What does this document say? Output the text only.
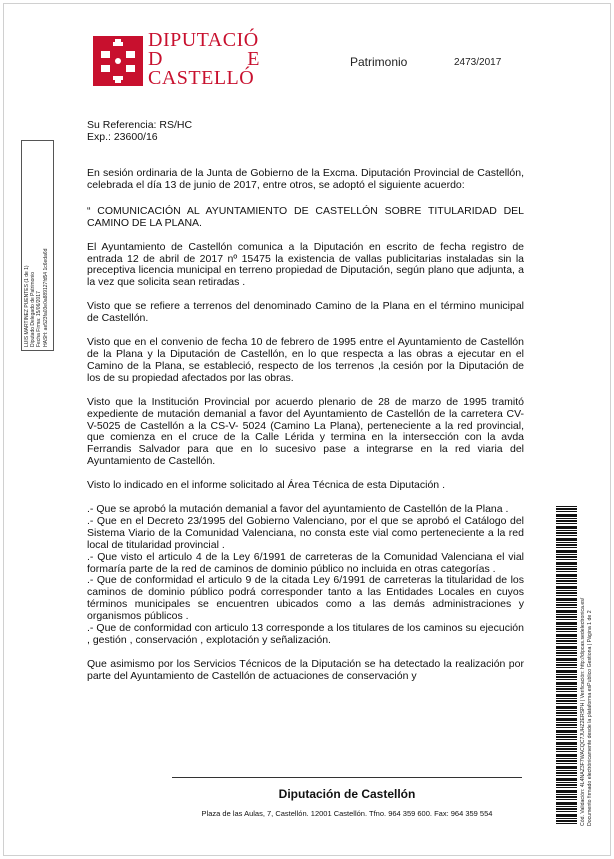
DIPUTACIÓ
D	E
CASTELLÓ
Patrimonio	2473/2017
Su Referencia: RS/HC
Exp.: 23600/16
LUIS MARTINEZ PUENTES (1 de 1) Diputado Delegado de Patrimonio Fecha Firma: 15/06/2017 HASH: ae523fa03e0a889127fd54 1c6eda6d

En sesión ordinaria de la Junta de Gobierno de la Excma. Diputación Provincial de Castellón, celebrada el día 13 de junio de 2017, entre otros, se adoptó el siguiente acuerdo:

“ COMUNICACIÓN AL AYUNTAMIENTO DE CASTELLÓN SOBRE TITULARIDAD DEL CAMINO DE LA PLANA.

El Ayuntamiento de Castellón comunica a la Diputación en escrito de fecha registro de entrada 12 de abril de 2017 nº 15475 la existencia de vallas publicitarias instaladas sin la preceptiva licencia municipal en terreno propiedad de Diputación, según plano que adjunta, a la vez que solicita sean retiradas .

Visto que se refiere a terrenos del denominado Camino de la Plana en el término municipal de Castellón.

Visto que en el convenio de fecha 10 de febrero de 1995 entre el Ayuntamiento de Castellón de la Plana y la Diputación de Castellón, en lo que respecta a las obras a ejecutar en el Camino de la Plana, se estableció, respecto de los terrenos ,la cesión por la Diputación de los de su propiedad afectados por las obras.

Visto que la Institución Provincial por acuerdo plenario de 28 de marzo de 1995 tramitó expediente de mutación demanial a favor del Ayuntamiento de Castellón de la carretera CV-V-5025 de Castellón a la CS-V- 5024 (Camino La Plana), perteneciente a la red provincial, que comienza en el cruce de la Calle Lérida y termina en la intersección con la avda Ferrandis Salvador para que en lo sucesivo pase a integrarse en la red viaria del Ayuntamiento de Castellón.

Visto lo indicado en el informe solicitado al Área Técnica de esta Diputación .

.- Que se aprobó la mutación demanial a favor del ayuntamiento de Castellón de la Plana .

.- Que en el Decreto 23/1995 del Gobierno Valenciano, por el que se aprobó el Catálogo del Sistema Viario de la Comunidad Valenciana, no consta este vial como perteneciente a la red local de titularidad provincial .

.- Que visto el articulo 4 de la Ley 6/1991 de carreteras de la Comunidad Valenciana el vial formaría parte de la red de caminos de dominio público no incluida en otras categorías .

.- Que de conformidad el articulo 9 de la citada Ley 6/1991 de carreteras la titularidad de los caminos de dominio público podrá corresponder tanto a las Entidades Locales en cuyos términos municipales se encuentren ubicados como a las demás administraciones y organismos públicos .

.- Que de conformidad con articulo 13 corresponde a los titulares de los caminos su ejecución , gestión , conservación , explotación y señalización.

Que asimismo por los Servicios Técnicos de la Diputación se ha detectado la realización por parte del Ayuntamiento de Castellón de actuaciones de conservación y	Cód. Validación: 4L4NAZ3F7WACQC7JUHZ2ERSPH | Verificación: http://dipcas.sedelectronica.es/ Documento firmado electrónicamente desde la plataforma esPublico Gestiona | Página 1 de 2
Diputación de Castellón
Plaza de las Aulas, 7, Castellón. 12001 Castellón. Tfno. 964 359 600. Fax: 964 359 554
